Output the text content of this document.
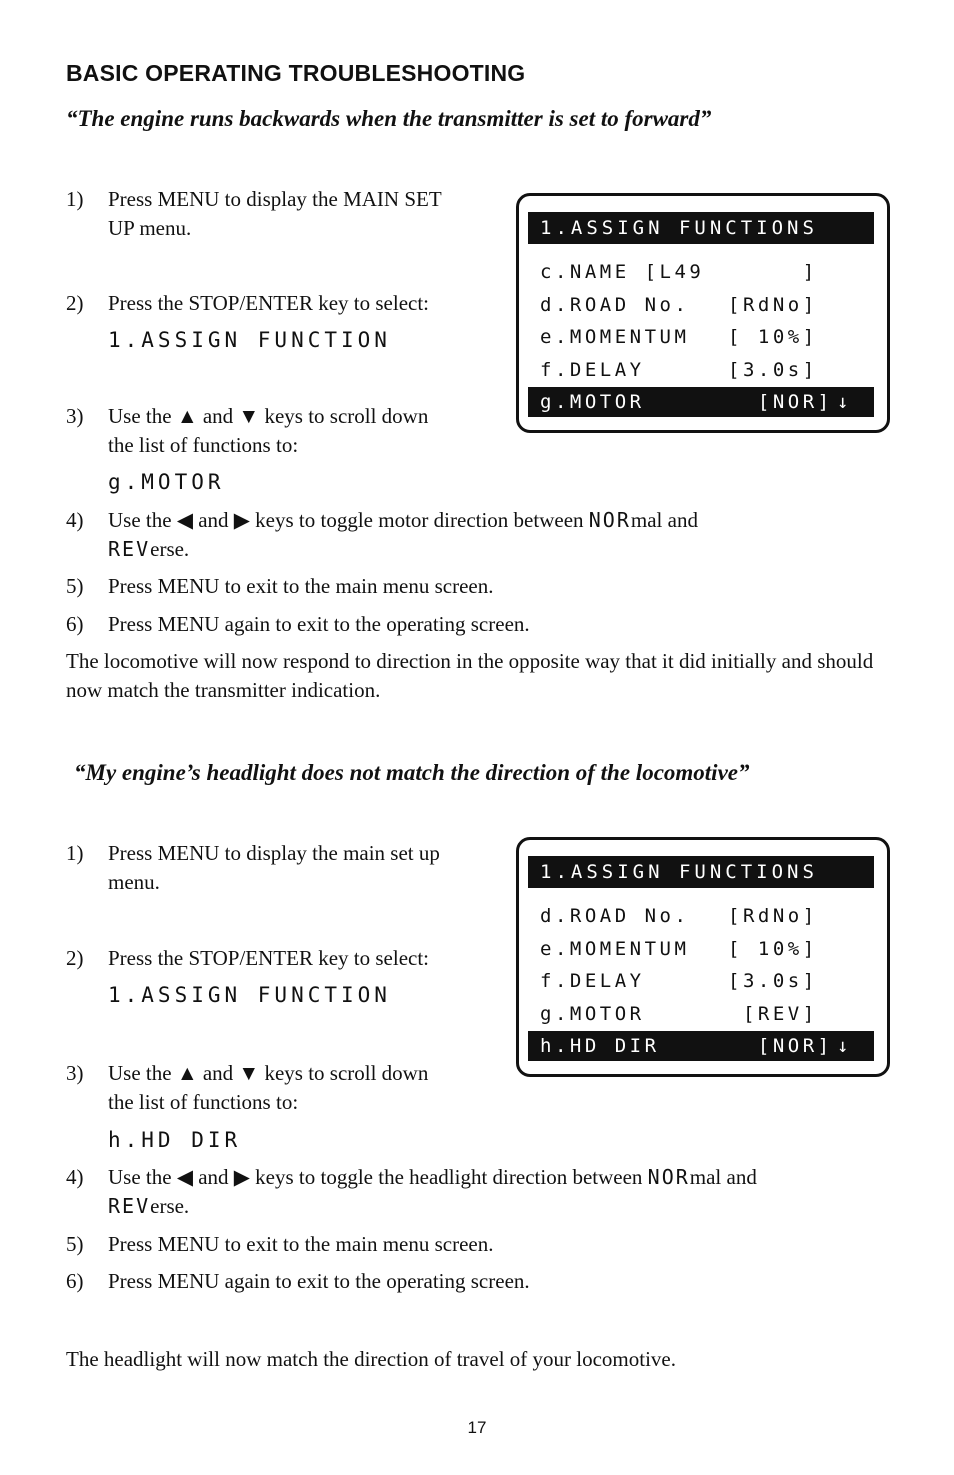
BASIC OPERATING TROUBLESHOOTING
“The engine runs backwards when the transmitter is set to forward”
1) Press MENU to display the MAIN SET
UP menu.
2) Press the STOP/ENTER key to select:
1.ASSIGN FUNCTION
3) Use the ▲ and ▼ keys to scroll down
the list of functions to:
g.MOTOR
4) Use the ◀ and ▶ keys to toggle motor direction between NORmal and
REVerse.
5) Press MENU to exit to the main menu screen.
6) Press MENU again to exit to the operating screen.
The locomotive will now respond to direction in the opposite way that it did initially and should now match the transmitter indication.
1.ASSIGN FUNCTIONS
c.NAME [L49 ]
d.ROAD No. [RdNo]
e.MOMENTUM [ 10%]
f.DELAY	[3.0s]
g.MOTOR	[NOR] ↓
“My engine’s headlight does not match the direction of the locomotive”
1) Press MENU to display the main set up
menu.
2) Press the STOP/ENTER key to select:
1.ASSIGN FUNCTION
3) Use the ▲ and ▼ keys to scroll down
the list of functions to:
h.HD DIR
4) Use the ◀ and ▶ keys to toggle the headlight direction between NORmal and
REVerse.
5) Press MENU to exit to the main menu screen.
6) Press MENU again to exit to the operating screen.
The headlight will now match the direction of travel of your locomotive.
1.ASSIGN FUNCTIONS
d.ROAD No. [RdNo]
e.MOMENTUM [ 10%]
f.DELAY	[3.0s]
g.MOTOR	[REV]
h.HD DIR	[NOR] ↓
17
